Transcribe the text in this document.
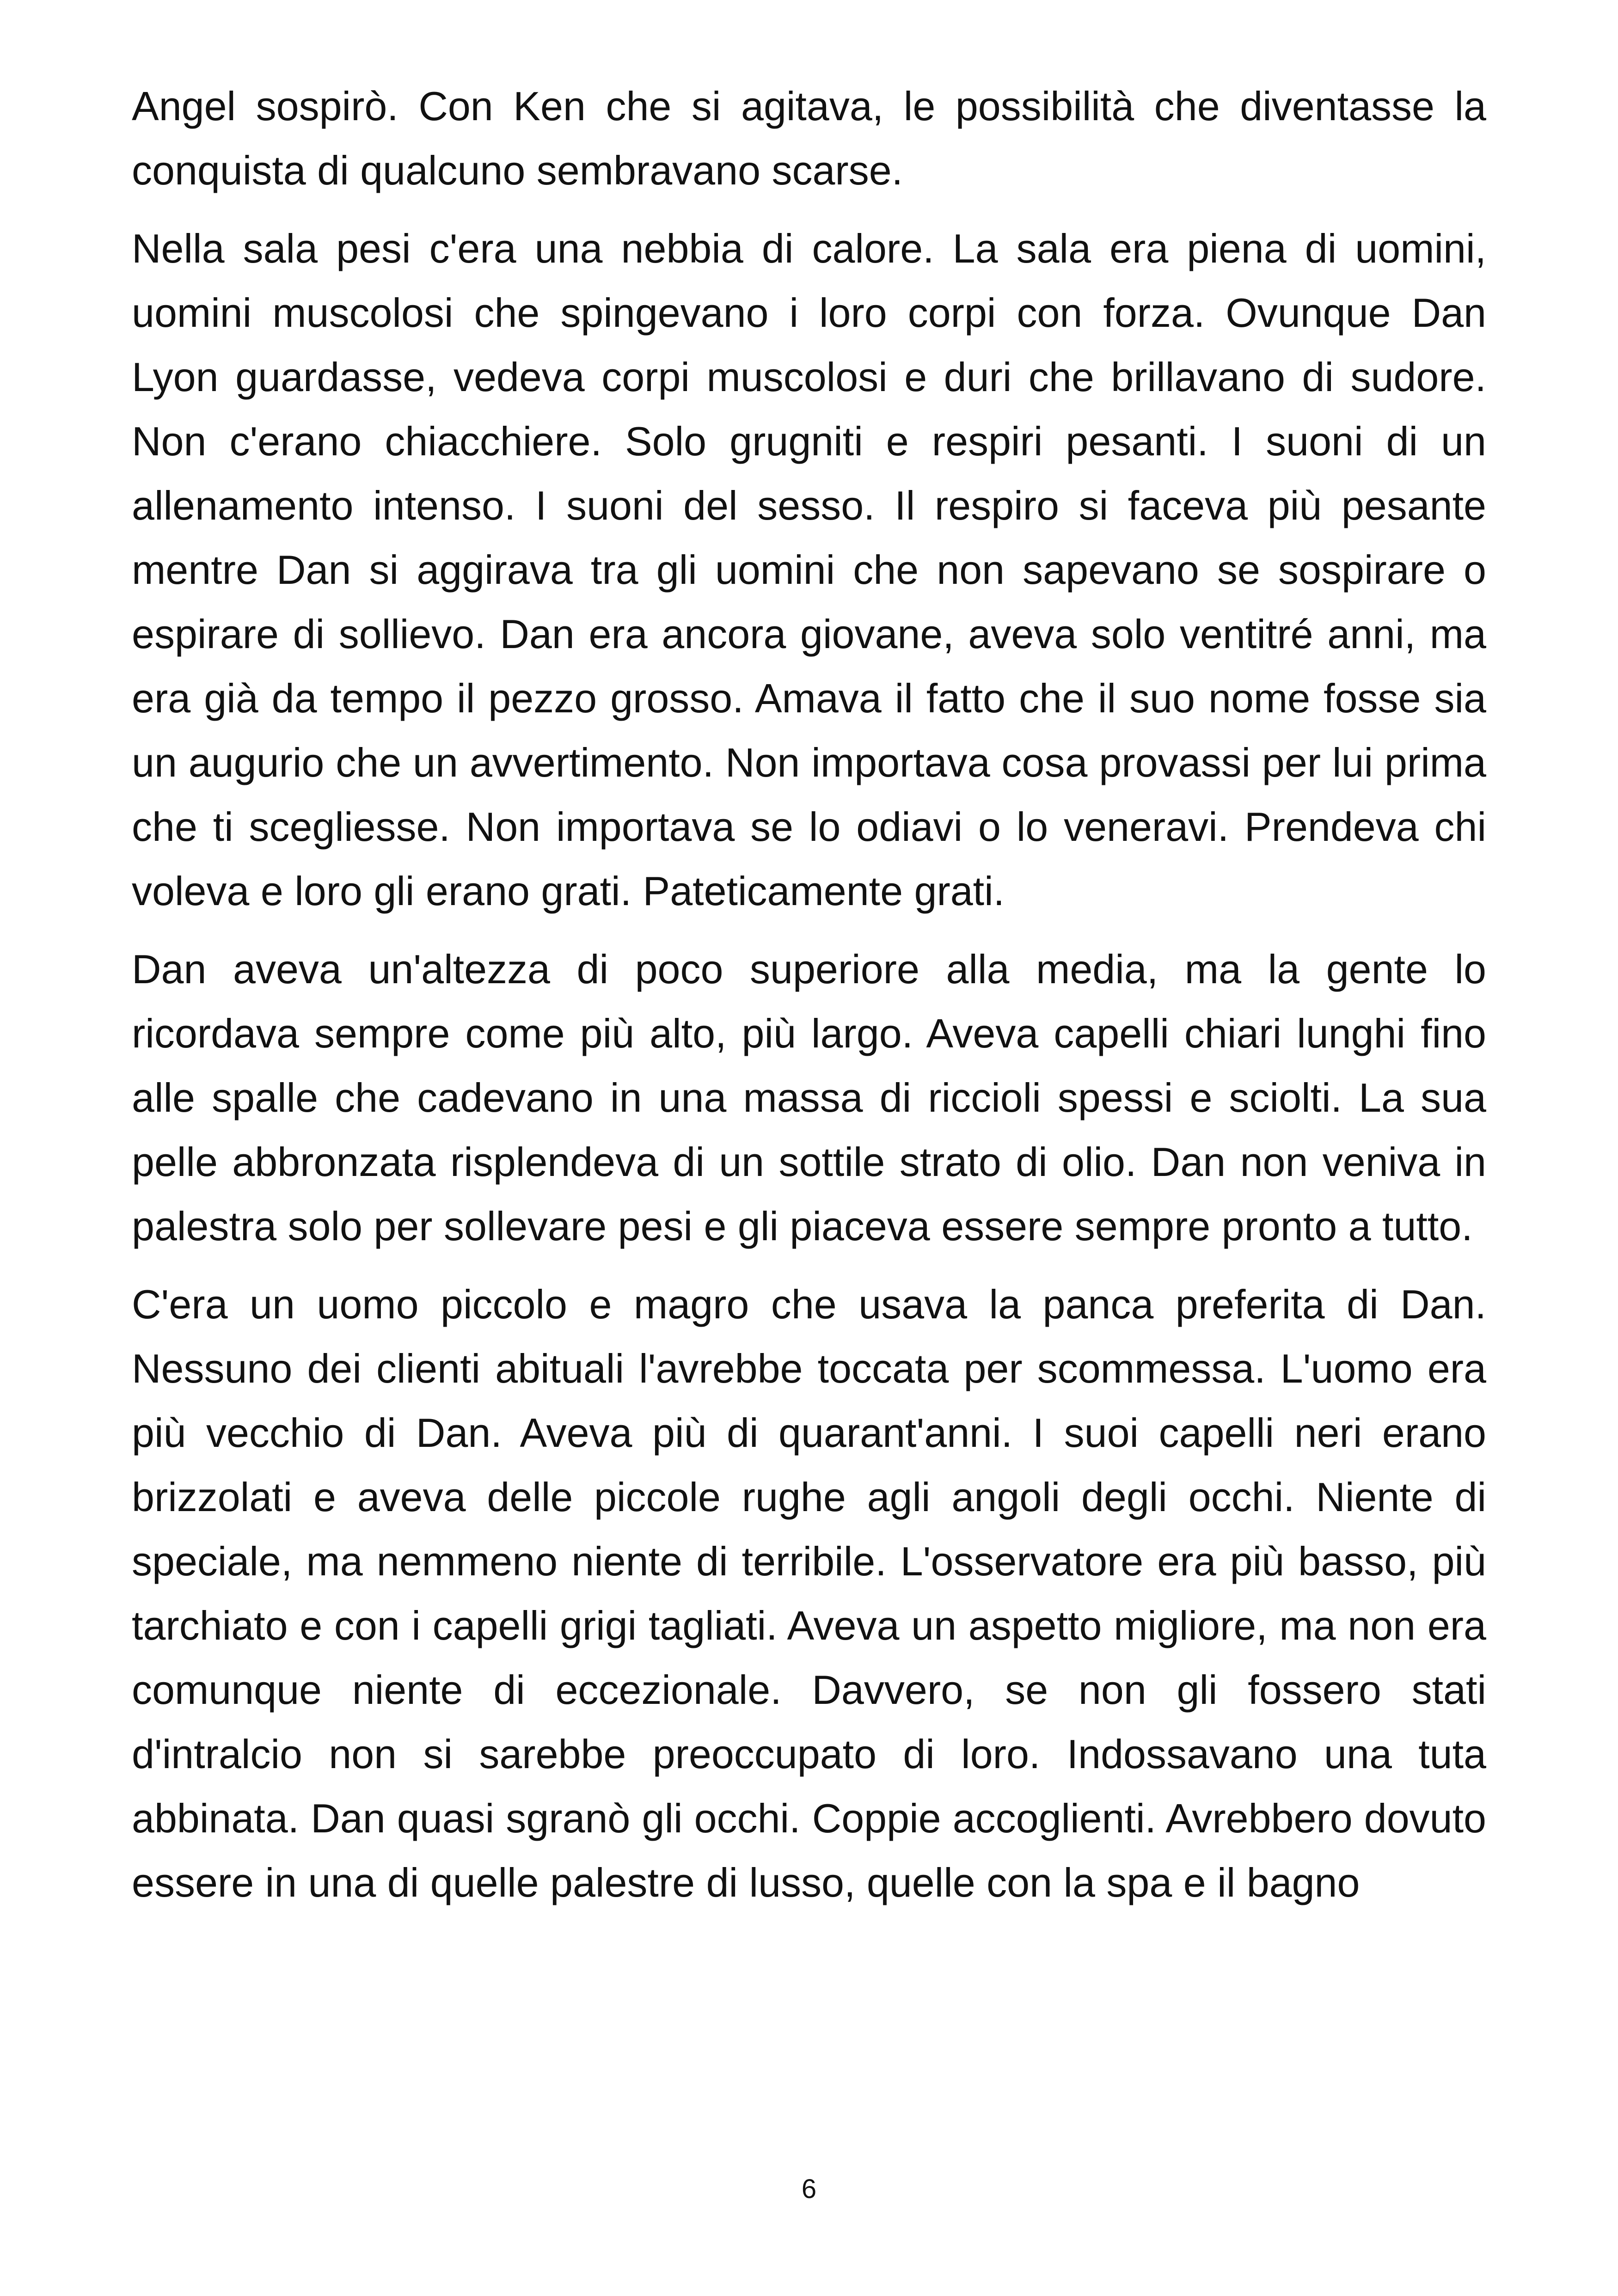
Angel sospirò. Con Ken che si agitava, le possibilità che diventasse la conquista di qualcuno sembravano scarse.

Nella sala pesi c'era una nebbia di calore. La sala era piena di uomini, uomini muscolosi che spingevano i loro corpi con forza. Ovunque Dan Lyon guardasse, vedeva corpi muscolosi e duri che brillavano di sudore. Non c'erano chiacchiere. Solo grugniti e respiri pesanti. I suoni di un allenamento intenso. I suoni del sesso. Il respiro si faceva più pesante mentre Dan si aggirava tra gli uomini che non sapevano se sospirare o espirare di sollievo. Dan era ancora giovane, aveva solo ventitré anni, ma era già da tempo il pezzo grosso. Amava il fatto che il suo nome fosse sia un augurio che un avvertimento. Non importava cosa provassi per lui prima che ti scegliesse. Non importava se lo odiavi o lo veneravi. Prendeva chi voleva e loro gli erano grati. Pateticamente grati.

Dan aveva un'altezza di poco superiore alla media, ma la gente lo ricordava sempre come più alto, più largo. Aveva capelli chiari lunghi fino alle spalle che cadevano in una massa di riccioli spessi e sciolti. La sua pelle abbronzata risplendeva di un sottile strato di olio. Dan non veniva in palestra solo per sollevare pesi e gli piaceva essere sempre pronto a tutto.

C'era un uomo piccolo e magro che usava la panca preferita di Dan. Nessuno dei clienti abituali l'avrebbe toccata per scommessa. L'uomo era più vecchio di Dan. Aveva più di quarant'anni. I suoi capelli neri erano brizzolati e aveva delle piccole rughe agli angoli degli occhi. Niente di speciale, ma nemmeno niente di terribile. L'osservatore era più basso, più tarchiato e con i capelli grigi tagliati. Aveva un aspetto migliore, ma non era comunque niente di eccezionale. Davvero, se non gli fossero stati d'intralcio non si sarebbe preoccupato di loro. Indossavano una tuta abbinata. Dan quasi sgranò gli occhi. Coppie accoglienti. Avrebbero dovuto essere in una di quelle palestre di lusso, quelle con la spa e il bagno

6
